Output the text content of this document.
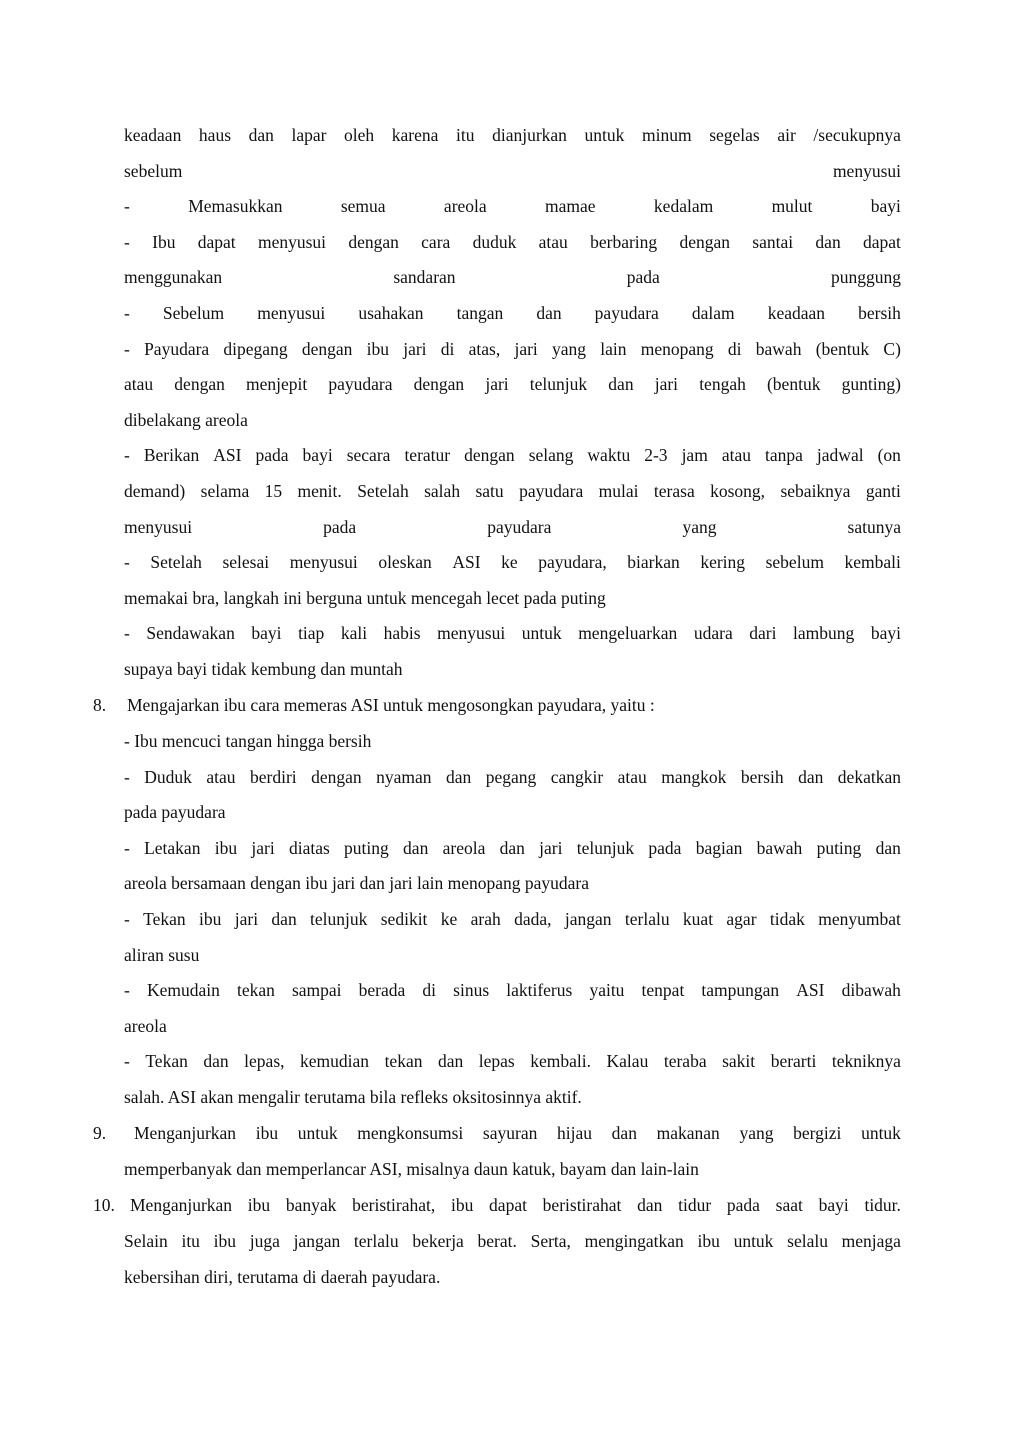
keadaan haus dan lapar oleh karena itu dianjurkan untuk minum segelas air /secukupnya
sebelum	menyusui
-	Memasukkan	semua	areola	mamae	kedalam	mulut	bayi
- Ibu dapat menyusui dengan cara duduk atau berbaring dengan santai dan dapat
menggunakan	sandaran	pada	punggung
- Sebelum menyusui usahakan tangan dan payudara dalam keadaan bersih
- Payudara dipegang dengan ibu jari di atas, jari yang lain menopang di bawah (bentuk C)
atau dengan menjepit payudara dengan jari telunjuk dan jari tengah (bentuk gunting)
dibelakang areola
- Berikan ASI pada bayi secara teratur dengan selang waktu 2-3 jam atau tanpa jadwal (on
demand) selama 15 menit. Setelah salah satu payudara mulai terasa kosong, sebaiknya ganti
menyusui	pada	payudara	yang	satunya
- Setelah selesai menyusui oleskan ASI ke payudara, biarkan kering sebelum kembali
memakai bra, langkah ini berguna untuk mencegah lecet pada puting
- Sendawakan bayi tiap kali habis menyusui untuk mengeluarkan udara dari lambung bayi
supaya bayi tidak kembung dan muntah
8.	Mengajarkan ibu cara memeras ASI untuk mengosongkan payudara, yaitu :
- Ibu mencuci tangan hingga bersih
- Duduk atau berdiri dengan nyaman dan pegang cangkir atau mangkok bersih dan dekatkan
pada payudara
- Letakan ibu jari diatas puting dan areola dan jari telunjuk pada bagian bawah puting dan
areola bersamaan dengan ibu jari dan jari lain menopang payudara
- Tekan ibu jari dan telunjuk sedikit ke arah dada, jangan terlalu kuat agar tidak menyumbat
aliran susu
- Kemudain tekan sampai berada di sinus laktiferus yaitu tenpat tampungan ASI dibawah
areola
- Tekan dan lepas, kemudian tekan dan lepas kembali. Kalau teraba sakit berarti tekniknya
salah. ASI akan mengalir terutama bila refleks oksitosinnya aktif.
9.	Menganjurkan ibu untuk mengkonsumsi sayuran hijau dan makanan yang bergizi untuk
memperbanyak dan memperlancar ASI, misalnya daun katuk, bayam dan lain-lain
10. Menganjurkan ibu banyak beristirahat, ibu dapat beristirahat dan tidur pada saat bayi tidur.
Selain itu ibu juga jangan terlalu bekerja berat. Serta, mengingatkan ibu untuk selalu menjaga
kebersihan diri, terutama di daerah payudara.
